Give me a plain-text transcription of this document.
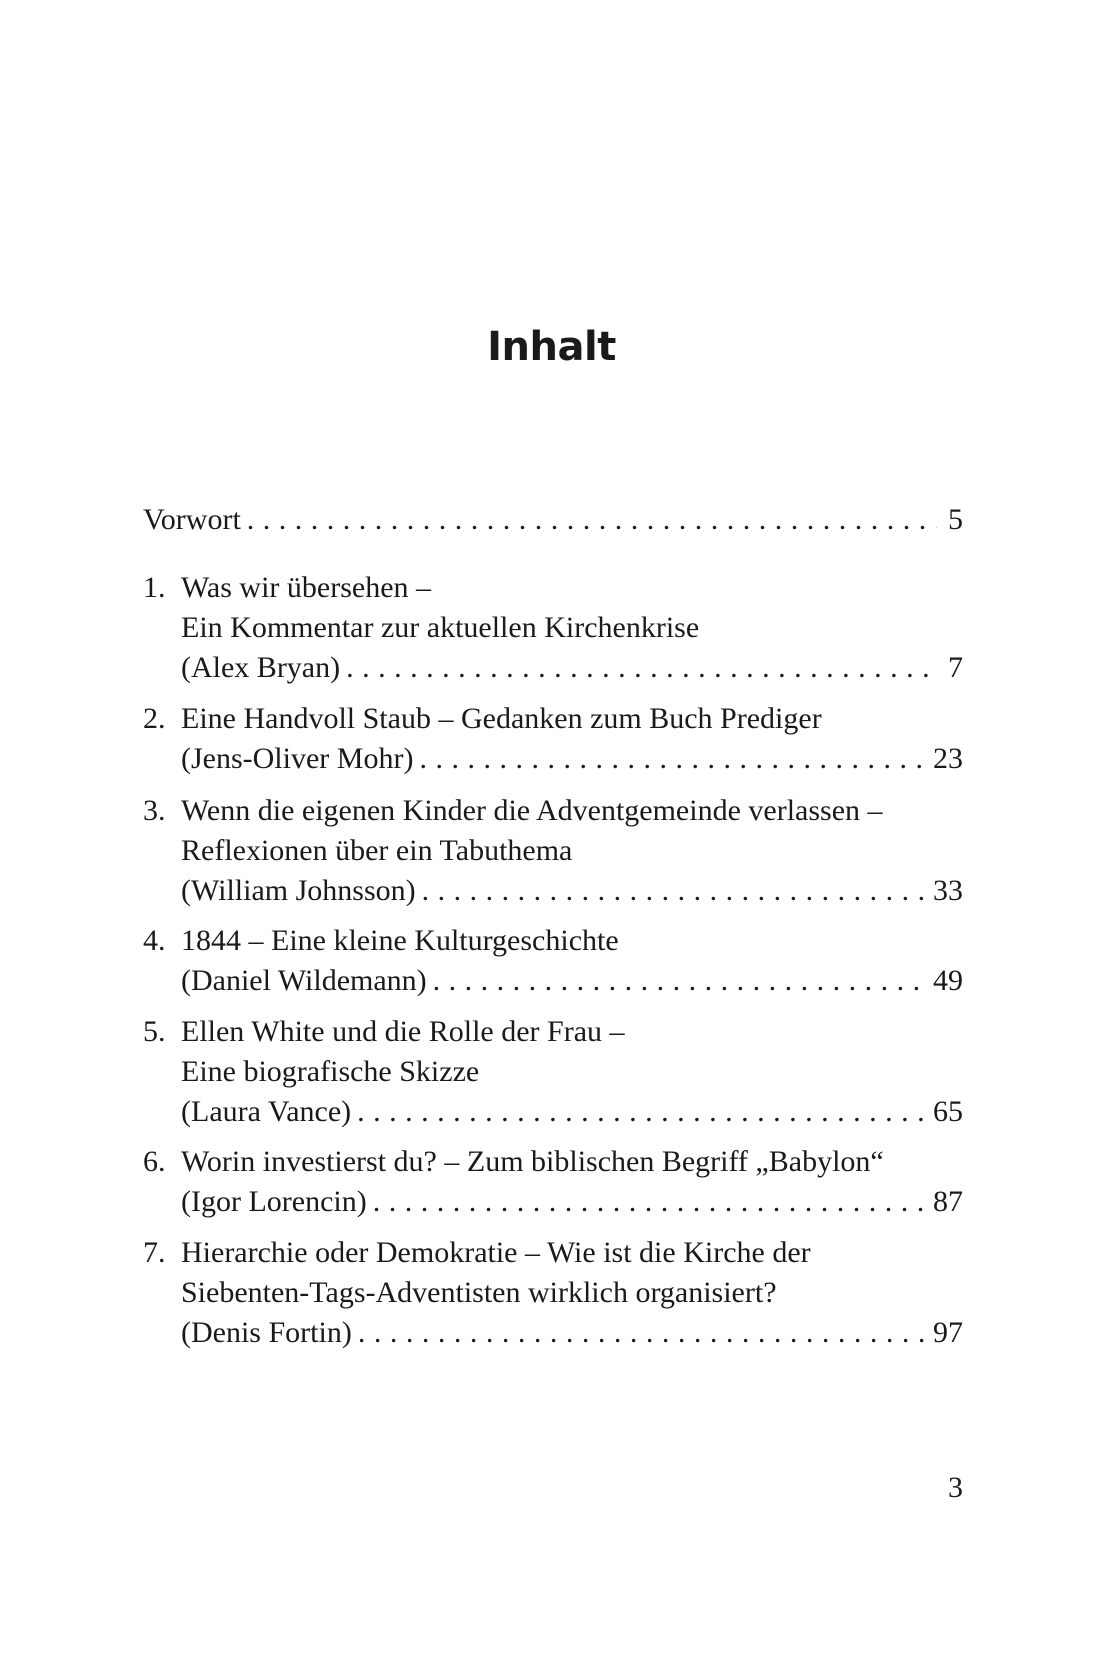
Inhalt
Vorwort . . .	5
1. Was wir übersehen –
Ein Kommentar zur aktuellen Kirchenkrise
(Alex Bryan) . . .	7
2. Eine Handvoll Staub – Gedanken zum Buch Prediger
(Jens-Oliver Mohr) . . .	23
3. Wenn die eigenen Kinder die Adventgemeinde verlassen –
Reflexionen über ein Tabuthema
(William Johnsson) . . .	33
4. 1844 – Eine kleine Kulturgeschichte
(Daniel Wildemann) . . .	49
5. Ellen White und die Rolle der Frau –
Eine biografische Skizze
(Laura Vance) . . .	65
6. Worin investierst du? – Zum biblischen Begriff „Babylon“
(Igor Lorencin) . . .	87
7. Hierarchie oder Demokratie – Wie ist die Kirche der
Siebenten-Tags-Adventisten wirklich organisiert?
(Denis Fortin) . . .	97
3
